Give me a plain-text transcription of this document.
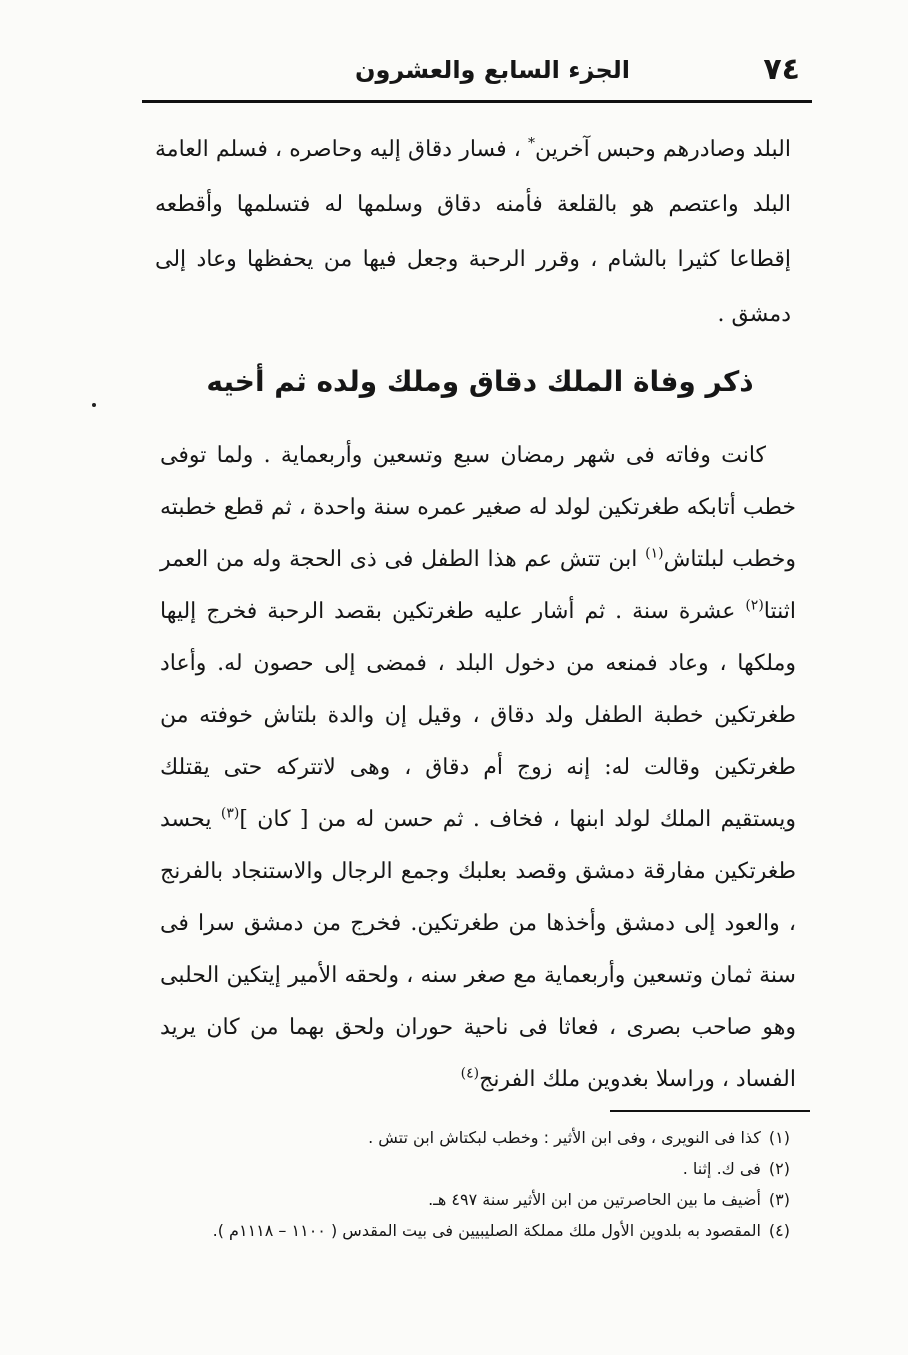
٧٤
الجزء السابع والعشرون

البلد وصادرهم وحبس آخرين* ، فسار دقاق إليه وحاصره ، فسلم العامة البلد واعتصم هو بالقلعة فأمنه دقاق وسلمها له فتسلمها وأقطعه إقطاعا كثيرا بالشام ، وقرر الرحبة وجعل فيها من يحفظها وعاد إلى دمشق .

ذكر وفاة الملك دقاق وملك ولده ثم أخيه

كانت وفاته فى شهر رمضان سبع وتسعين وأربعماية . ولما توفى خطب أتابكه طغرتكين لولد له صغير عمره سنة واحدة ، ثم قطع خطبته وخطب لبلتاش$^{(١)}$ ابن تتش عم هذا الطفل فى ذى الحجة وله من العمر اثنتا$^{(٢)}$ عشرة سنة . ثم أشار عليه طغرتكين بقصد الرحبة فخرج إليها وملكها ، وعاد فمنعه من دخول البلد ، فمضى إلى حصون له. وأعاد طغرتكين خطبة الطفل ولد دقاق ، وقيل إن والدة بلتاش خوفته من طغرتكين وقالت له: إنه زوج أم دقاق ، وهى لاتتركه حتى يقتلك ويستقيم الملك لولد ابنها ، فخاف . ثم حسن له من [ كان ]$^{(٣)}$ يحسد طغرتكين مفارقة دمشق وقصد بعلبك وجمع الرجال والاستنجاد بالفرنج ، والعود إلى دمشق وأخذها من طغرتكين. فخرج من دمشق سرا فى سنة ثمان وتسعين وأربعماية مع صغر سنه ، ولحقه الأمير إيتكين الحلبى وهو صاحب بصرى ، فعاثا فى ناحية حوران ولحق بهما من كان يريد الفساد ، وراسلا بغدوين ملك الفرنج$^{(٤)}$

(١)كذا فى النويرى ، وفى ابن الأثير : وخطب لبكتاش ابن تتش .
(٢)فى ك. إثنا .
(٣)أضيف ما بين الحاصرتين من ابن الأثير سنة ٤٩٧ هـ.
(٤)المقصود به بلدوين الأول ملك مملكة الصليبيين فى بيت المقدس ( ١١٠٠ – ١١١٨م ).
